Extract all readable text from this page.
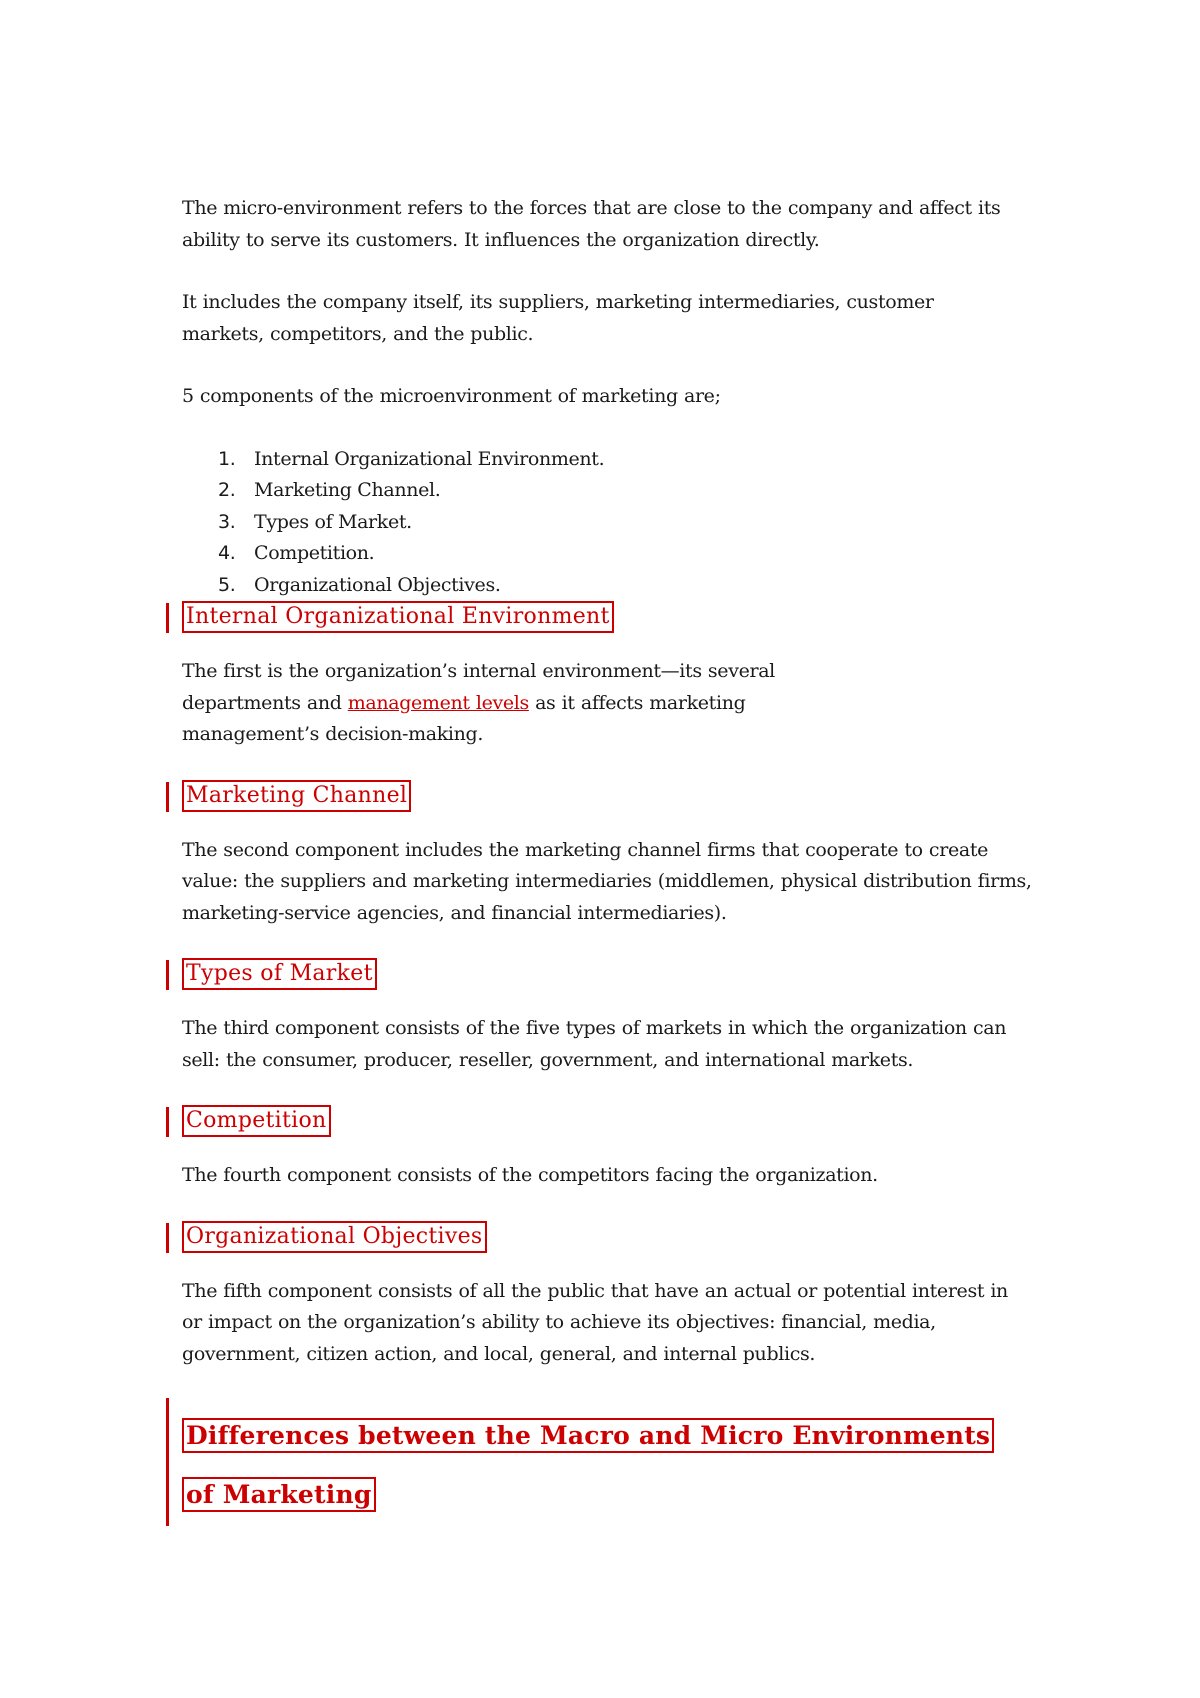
The micro-environment refers to the forces that are close to the company and affect its ability to serve its customers. It influences the organization directly.

It includes the company itself, its suppliers, marketing intermediaries, customer markets, competitors, and the public.

5 components of the microenvironment of marketing are;

Internal Organizational Environment.
Marketing Channel.
Types of Market.
Competition.
Organizational Objectives.
Internal Organizational Environment

The first is the organization’s internal environment—its several departments and management levels as it affects marketing management’s decision-making.

Marketing Channel

The second component includes the marketing channel firms that cooperate to create value: the suppliers and marketing intermediaries (middlemen, physical distribution firms, marketing-service agencies, and financial intermediaries).

Types of Market

The third component consists of the five types of markets in which the organization can sell: the consumer, producer, reseller, government, and international markets.

Competition

The fourth component consists of the competitors facing the organization.

Organizational Objectives

The fifth component consists of all the public that have an actual or potential interest in or impact on the organization’s ability to achieve its objectives: financial, media, government, citizen action, and local, general, and internal publics.

Differences between the Macro and Micro Environments
of Marketing
